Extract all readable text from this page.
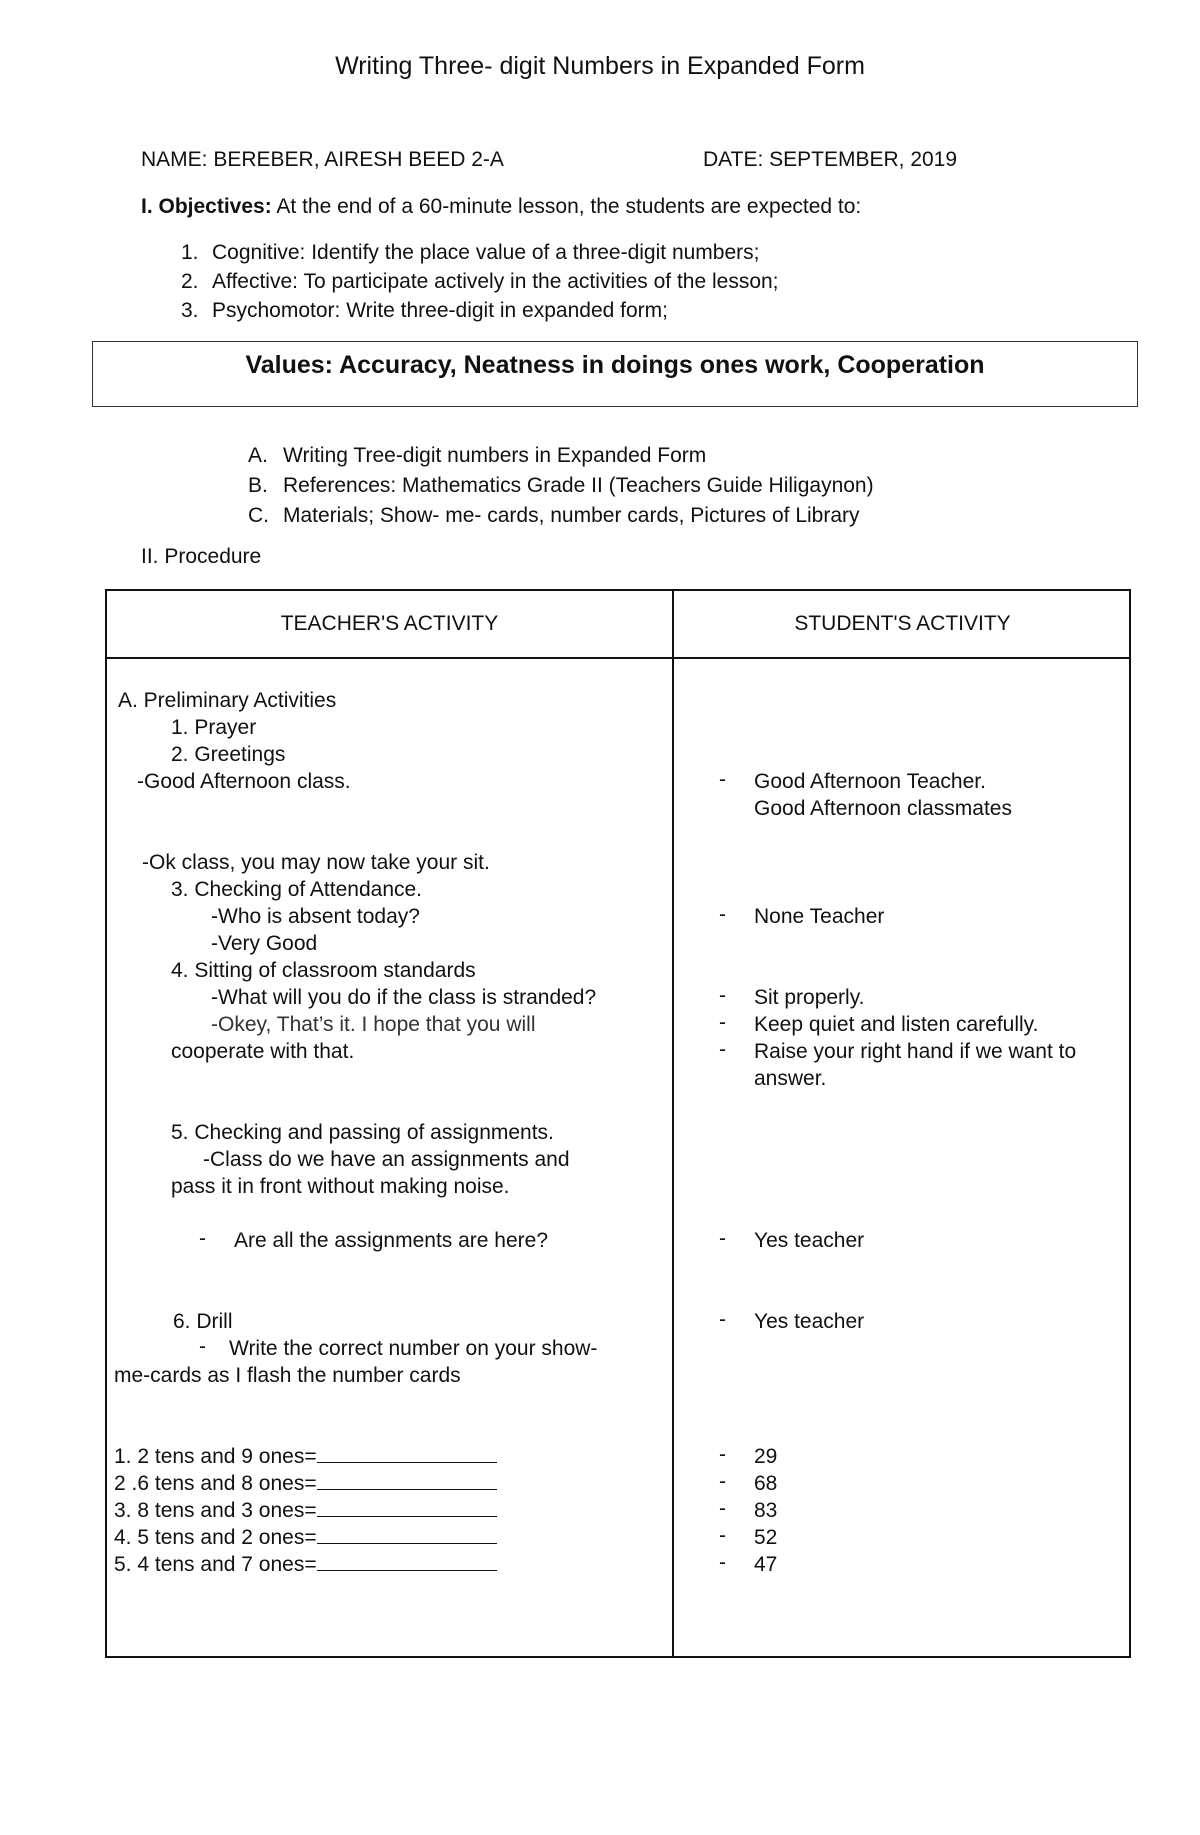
Writing Three- digit Numbers in Expanded Form
NAME: BEREBER, AIRESH BEED 2-A	DATE: SEPTEMBER, 2019
I. Objectives: At the end of a 60-minute lesson, the students are expected to:
1. Cognitive: Identify the place value of a three-digit numbers;
2. Affective: To participate actively in the activities of the lesson;
3. Psychomotor: Write three-digit in expanded form;
Values: Accuracy, Neatness in doings ones work, Cooperation
A. Writing Tree-digit numbers in Expanded Form
B. References: Mathematics Grade II (Teachers Guide Hiligaynon)
C. Materials; Show- me- cards, number cards, Pictures of Library
II. Procedure
TEACHER'S ACTIVITY	STUDENT'S ACTIVITY
A. Preliminary Activities
1. Prayer
2. Greetings
-Good Afternoon class.
-Ok class, you may now take your sit.
3. Checking of Attendance.
-Who is absent today?
-Very Good
4. Sitting of classroom standards
-What will you do if the class is stranded?
-Okey, That’s it. I hope that you will
cooperate with that.
5. Checking and passing of assignments.
-Class do we have an assignments and
pass it in front without making noise.
- Are all the assignments are here?
6. Drill
- Write the correct number on your show-
me-cards as I flash the number cards
1. 2 tens and 9 ones=
2 .6 tens and 8 ones=
3. 8 tens and 3 ones=
4. 5 tens and 2 ones=
5. 4 tens and 7 ones=
- Good Afternoon Teacher.
Good Afternoon classmates
- None Teacher
- Sit properly.
- Keep quiet and listen carefully.
- Raise your right hand if we want to
answer.
- Yes teacher
- Yes teacher
- 29
- 68
- 83
- 52
- 47
